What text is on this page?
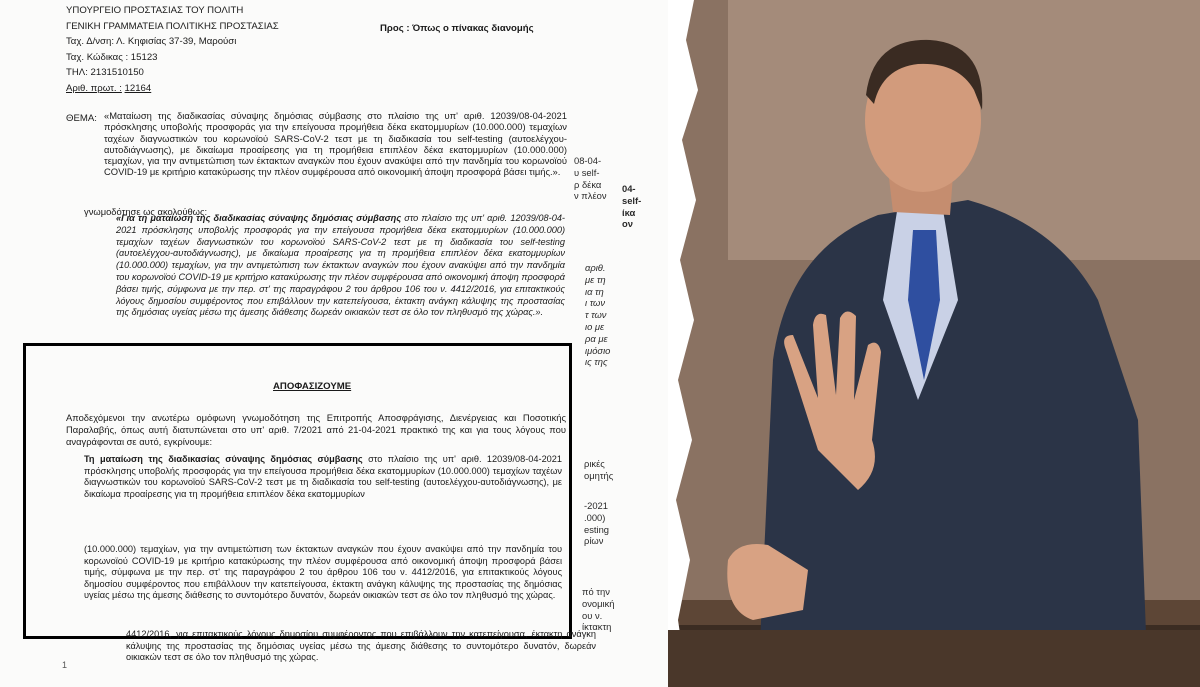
ΥΠΟΥΡΓΕΙΟ ΠΡΟΣΤΑΣΙΑΣ ΤΟΥ ΠΟΛΙΤΗ
ΓΕΝΙΚΗ ΓΡΑΜΜΑΤΕΙΑ ΠΟΛΙΤΙΚΗΣ ΠΡΟΣΤΑΣΙΑΣ
Ταχ. Δ/νση: Λ. Κηφισίας 37-39, Μαρούσι
Ταχ. Κώδικας : 15123
ΤΗΛ: 2131510150
Αριθ. πρωτ. : 12164
Προς : Όπως ο πίνακας διανομής
ΘΕΜΑ: «Ματαίωση της διαδικασίας σύναψης δημόσιας σύμβασης στο πλαίσιο της υπ' αριθ. 12039/08-04-2021 πρόσκλησης υποβολής προσφοράς για την επείγουσα προμήθεια δέκα εκατομμυρίων (10.000.000) τεμαχίων ταχέων διαγνωστικών του κορωνοϊού SARS-CoV-2 τεστ με τη διαδικασία του self-testing (αυτοελέγχου-αυτοδιάγνωσης), με δικαίωμα προαίρεσης για τη προμήθεια επιπλέον δέκα εκατομμυρίων (10.000.000) τεμαχίων, για την αντιμετώπιση των έκτακτων αναγκών που έχουν ανακύψει από την πανδημία του κορωνοϊού COVID-19 με κριτήριο κατακύρωσης την πλέον συμφέρουσα από οικονομική άποψη προσφορά βάσει τιμής.».

γνωμοδότησε ως ακολούθως:

«Για τη ματαίωση της διαδικασίας σύναψης δημόσιας σύμβασης στο πλαίσιο της υπ' αριθ. 12039/08-04-2021 πρόσκλησης υποβολής προσφοράς για την επείγουσα προμήθεια δέκα εκατομμυρίων (10.000.000) τεμαχίων ταχέων διαγνωστικών του κορωνοϊού SARS-CoV-2 τεστ με τη διαδικασία του self-testing (αυτοελέγχου-αυτοδιάγνωσης), με δικαίωμα προαίρεσης για τη προμήθεια επιπλέον δέκα εκατομμυρίων (10.000.000) τεμαχίων, για την αντιμετώπιση των έκτακτων αναγκών που έχουν ανακύψει από την πανδημία του κορωνοϊού COVID-19 με κριτήριο κατακύρωσης την πλέον συμφέρουσα από οικονομική άποψη προσφορά βάσει τιμής, σύμφωνα με την περ. στ' της παραγράφου 2 του άρθρου 106 του ν. 4412/2016, για επιτακτικούς λόγους δημοσίου συμφέροντος που επιβάλλουν την κατεπείγουσα, έκτακτη ανάγκη κάλυψης της προστασίας της δημόσιας υγείας μέσω της άμεσης διάθεσης δωρεάν οικιακών τεστ σε όλο τον πληθυσμό της χώρας.».

08-04-
υ self-
ρ δέκα
ν πλέον
04-
self-
ίκα
ον
αριθ.
με τη
ια τη
ι των
τ των
ιο με
ρα με
ιμόσιο
ις της
ρικές
ομητής
-2021
.000)
esting
ρίων
πό την
ονομική
ου ν.
ίκτακτη
ΑΠΟΦΑΣΙΖΟΥΜΕ

Αποδεχόμενοι την ανωτέρω ομόφωνη γνωμοδότηση της Επιτροπής Αποσφράγισης, Διενέργειας και Ποσοτικής Παραλαβής, όπως αυτή διατυπώνεται στο υπ' αριθ. 7/2021 από 21-04-2021 πρακτικό της και για τους λόγους που αναγράφονται σε αυτό, εγκρίνουμε:

Τη ματαίωση της διαδικασίας σύναψης δημόσιας σύμβασης στο πλαίσιο της υπ' αριθ. 12039/08-04-2021 πρόσκλησης υποβολής προσφοράς για την επείγουσα προμήθεια δέκα εκατομμυρίων (10.000.000) τεμαχίων ταχέων διαγνωστικών του κορωνοϊού SARS-CoV-2 τεστ με τη διαδικασία του self-testing (αυτοελέγχου-αυτοδιάγνωσης), με δικαίωμα προαίρεσης για τη προμήθεια επιπλέον δέκα εκατομμυρίων

(10.000.000) τεμαχίων, για την αντιμετώπιση των έκτακτων αναγκών που έχουν ανακύψει από την πανδημία του κορωνοϊού COVID-19 με κριτήριο κατακύρωσης την πλέον συμφέρουσα από οικονομική άποψη προσφορά βάσει τιμής, σύμφωνα με την περ. στ' της παραγράφου 2 του άρθρου 106 του ν. 4412/2016, για επιτακτικούς λόγους δημοσίου συμφέροντος που επιβάλλουν την κατεπείγουσα, έκτακτη ανάγκη κάλυψης της προστασίας της δημόσιας υγείας μέσω της άμεσης διάθεσης το συντομότερο δυνατόν, δωρεάν οικιακών τεστ σε όλο τον πληθυσμό της χώρας.

4412/2016, για επιτακτικούς λόγους δημοσίου συμφέροντος που επιβάλλουν την κατεπείγουσα, έκτακτη ανάγκη κάλυψης της προστασίας της δημόσιας υγείας μέσω της άμεσης διάθεσης το συντομότερο δυνατόν, δωρεάν οικιακών τεστ σε όλο τον πληθυσμό της χώρας.

1
